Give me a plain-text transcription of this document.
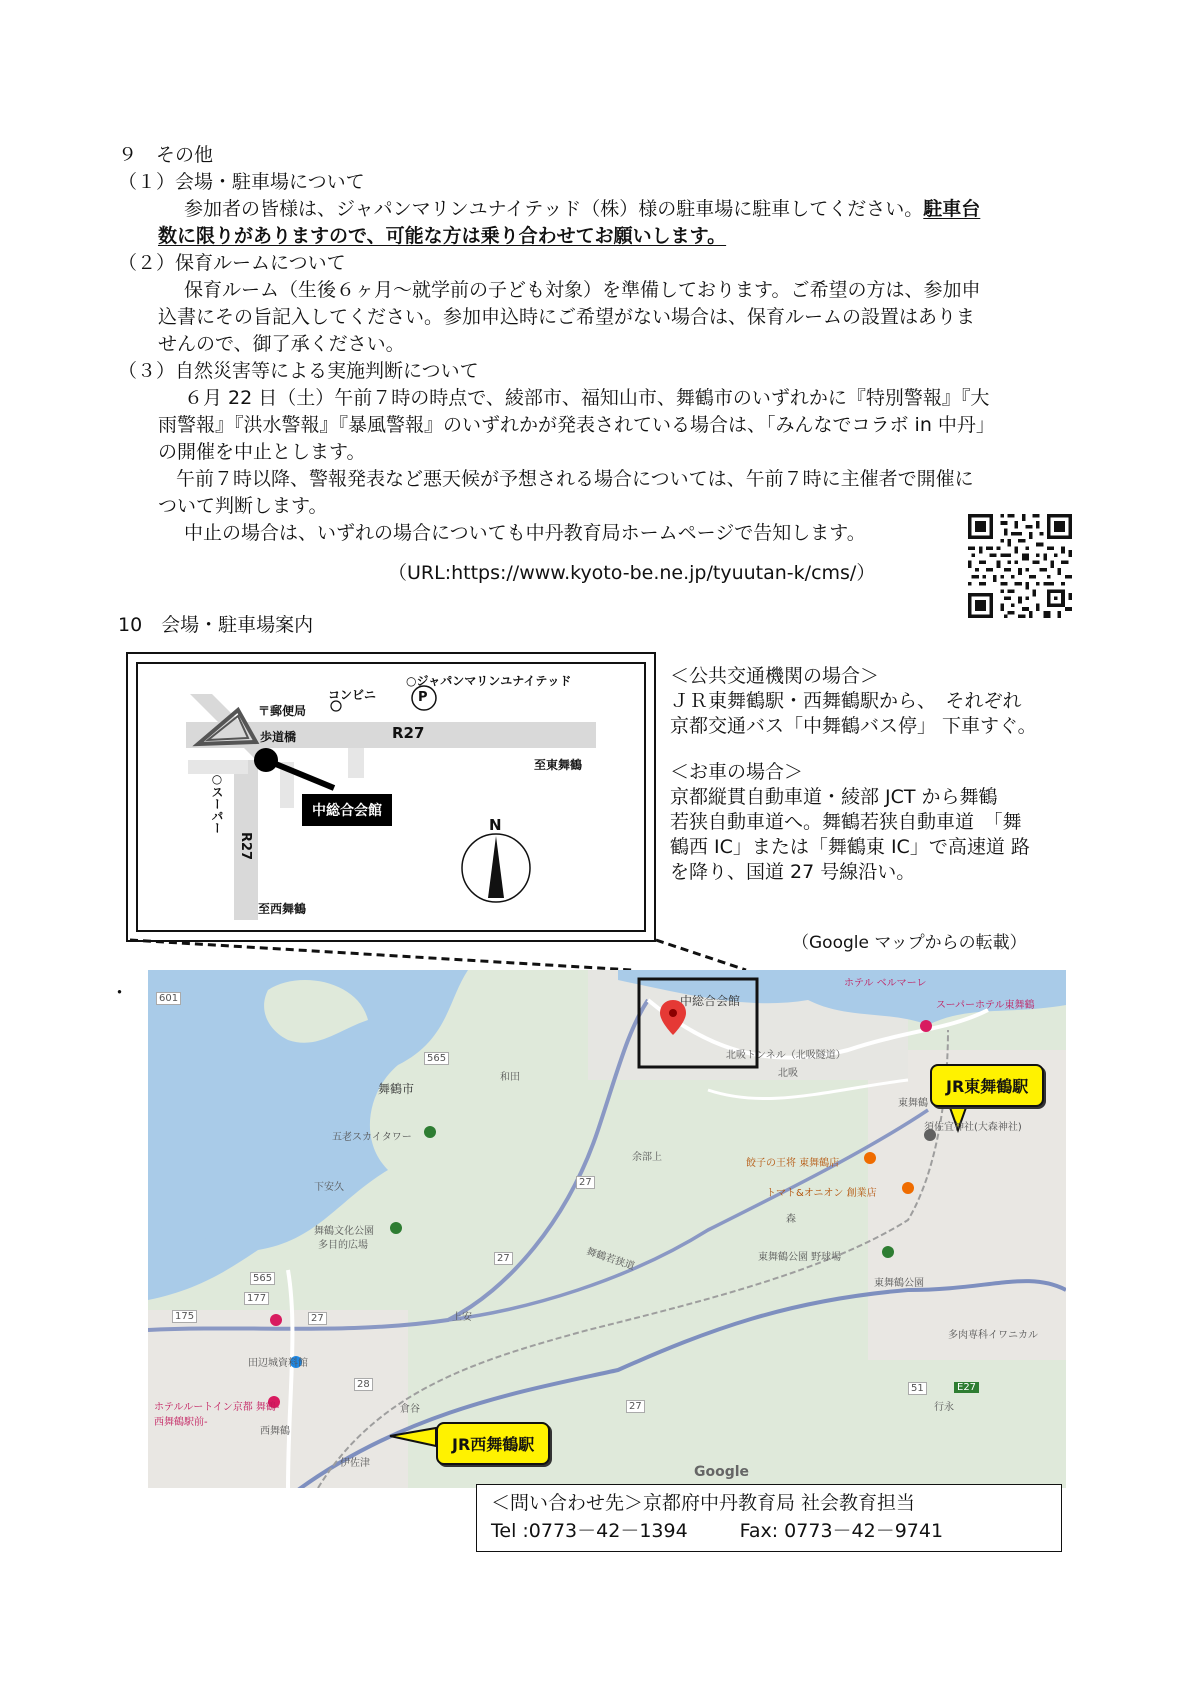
９　その他
（１）会場・駐車場について
参加者の皆様は、ジャパンマリンユナイテッド（株）様の駐車場に駐車してください。駐車台
数に限りがありますので、可能な方は乗り合わせてお願いします。
（２）保育ルームについて
保育ルーム（生後６ヶ月～就学前の子ども対象）を準備しております。ご希望の方は、参加申
込書にその旨記入してください。参加申込時にご希望がない場合は、保育ルームの設置はありま
せんので、御了承ください。
（３）自然災害等による実施判断について
６月 22 日（土）午前７時の時点で、綾部市、福知山市、舞鶴市のいずれかに『特別警報』『大
雨警報』『洪水警報』『暴風警報』のいずれかが発表されている場合は、「みんなでコラボ in 中丹」
の開催を中止とします。
午前７時以降、警報発表など悪天候が予想される場合については、午前７時に主催者で開催に
ついて判断します。
中止の場合は、いずれの場合についても中丹教育局ホームページで告知します。
（URL:https://www.kyoto-be.ne.jp/tyuutan-k/cms/）
10　会場・駐車場案内
○ジャパンマリンユナイテッド
コンビニ
〒郵便局
P
歩道橋	R27
至東舞鶴
○スーパー
R27
至西舞鶴
中総合会館
N
＜公共交通機関の場合＞
ＪＲ東舞鶴駅・西舞鶴駅から、　それぞれ
京都交通バス「中舞鶴バス停」 下車すぐ。
＜お車の場合＞
京都縦貫自動車道・綾部 JCT から舞鶴
若狭自動車道へ。舞鶴若狭自動車道　「舞
鶴西 IC」または「舞鶴東 IC」で高速道 路
を降り、国道 27 号線沿い。
（Google マップからの転載）
・	601
565
27
177
175
565
27
28
27
51	E27
27
中総合会館
舞鶴市
和田
五老スカイタワー
下安久
舞鶴文化公園
多目的広場
余部上
上安
ホテル ベルマーレ
スーパーホテル東舞鶴
北吸トンネル（北吸隧道）
北吸
東舞鶴
須佐宜神社(大森神社)
餃子の王将 東舞鶴店
トマト&オニオン 創業店
森
東舞鶴公園 野球場
東舞鶴公園
多肉専科イワニカル
田辺城資料館
ホテルルートイン京都 舞鶴-西舞鶴駅前-
西舞鶴
倉谷
伊佐津
行永
舞鶴若狭道
JR東舞鶴駅
JR西舞鶴駅
Google
＜問い合わせ先＞京都府中丹教育局 社会教育担当
Tel :0773－42－1394	Fax: 0773－42－9741
